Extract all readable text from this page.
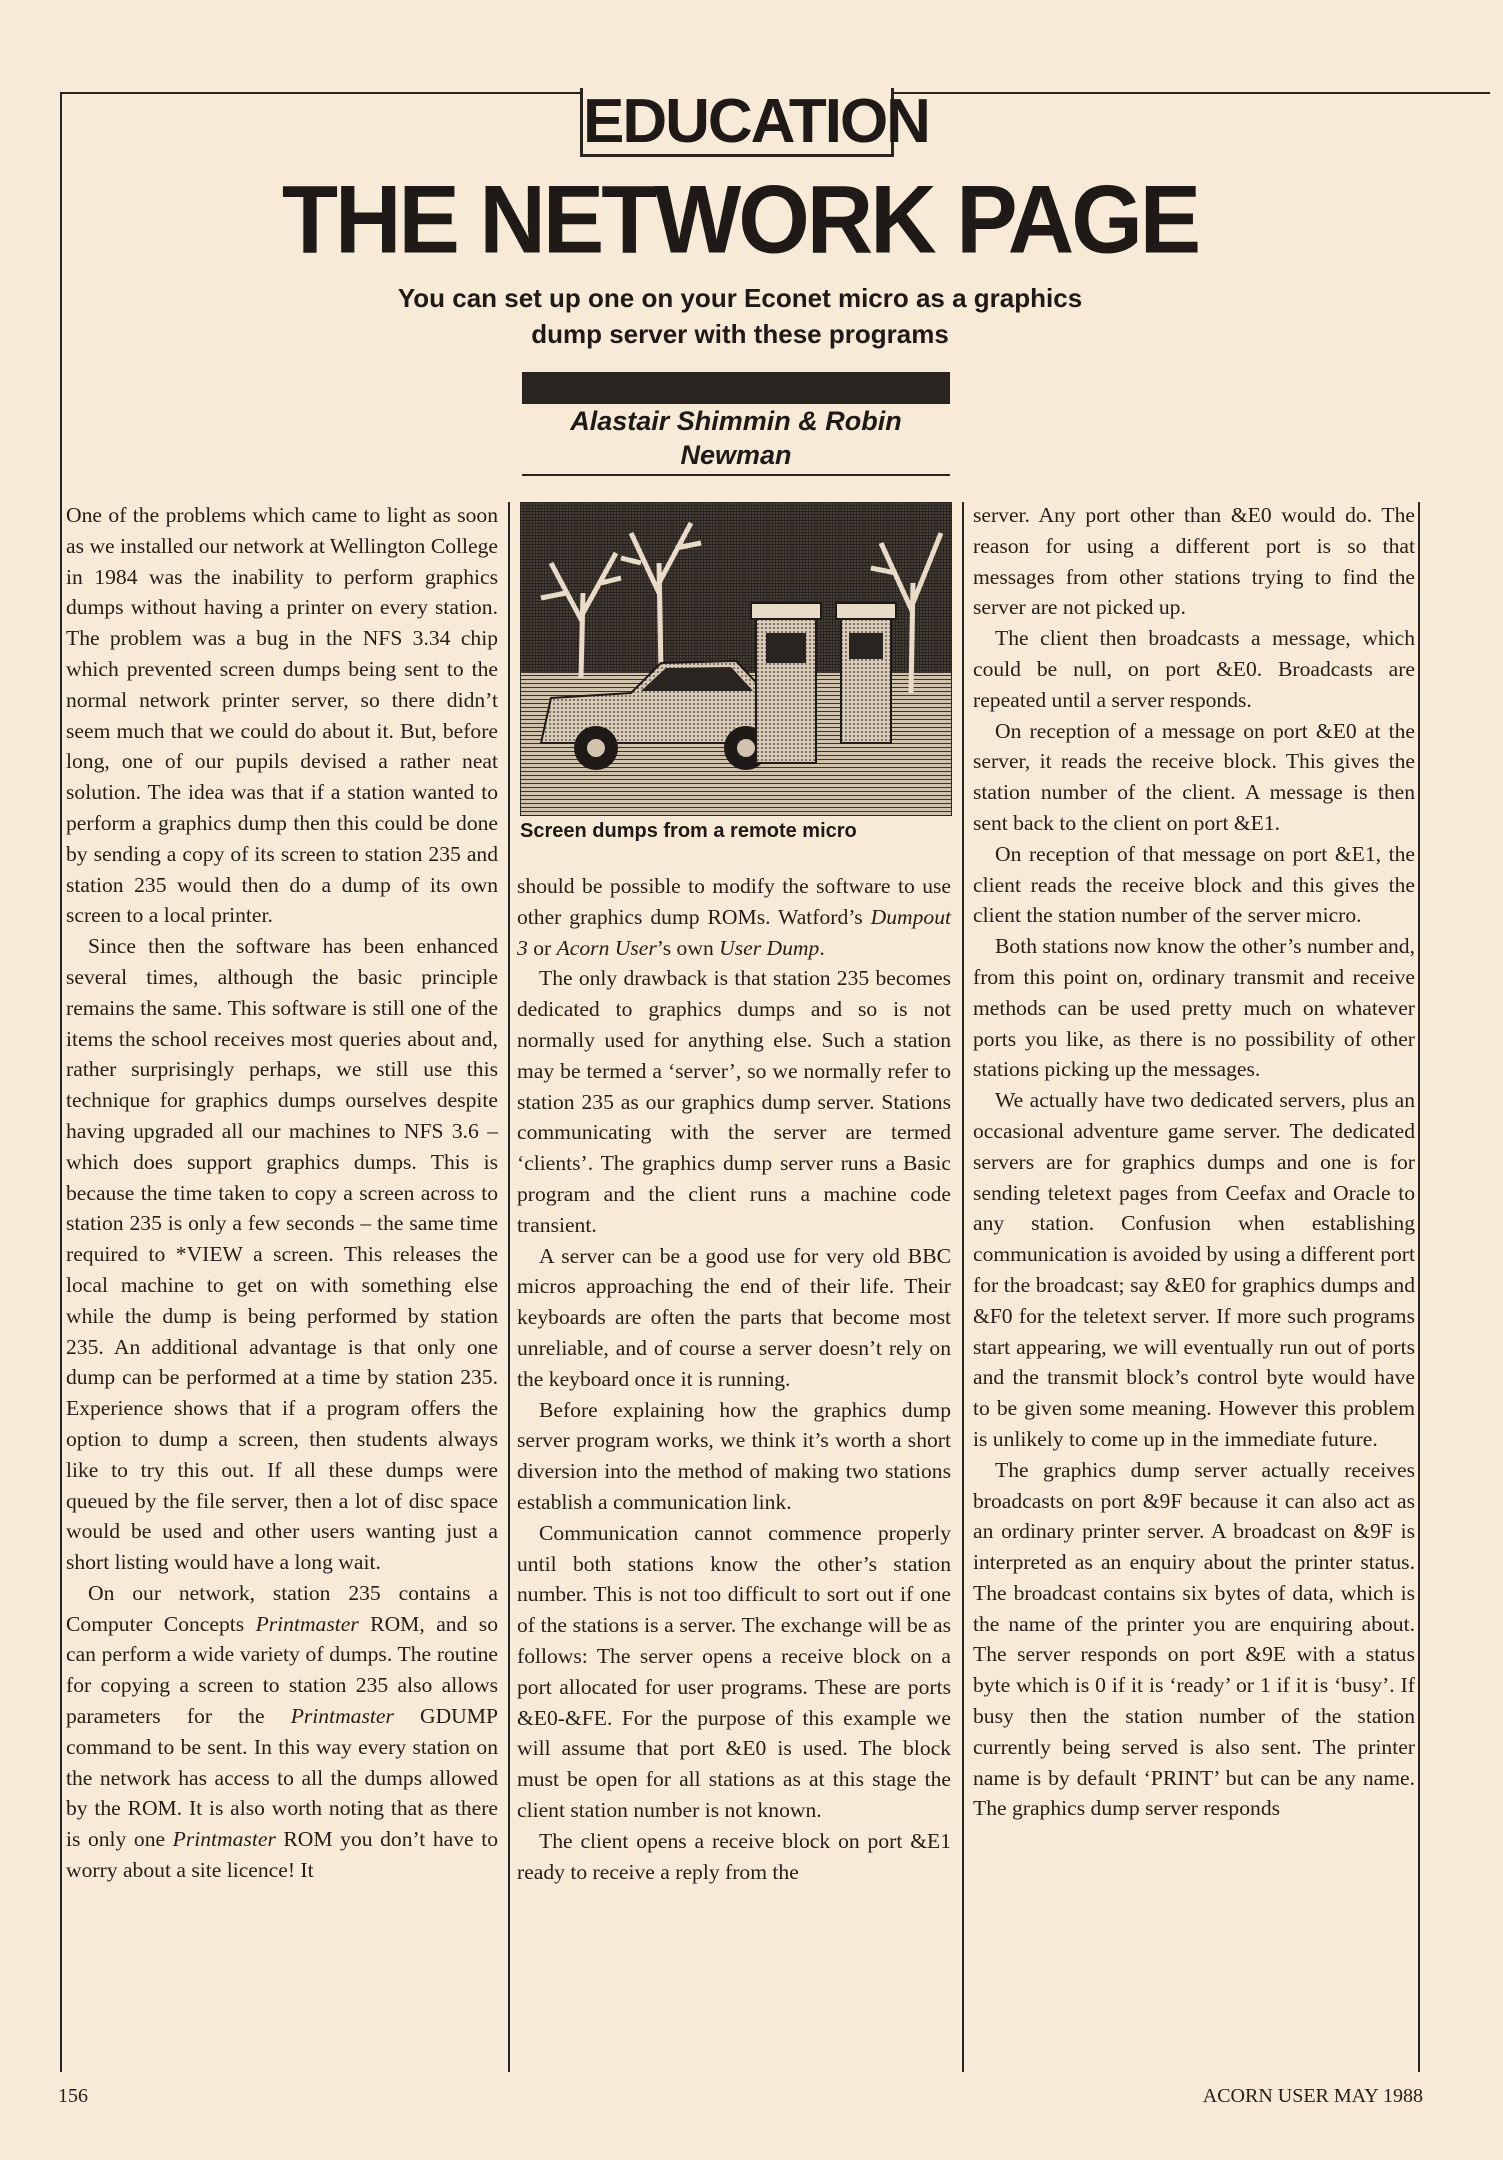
EDUCATION
THE NETWORK PAGE
You can set up one on your Econet micro as a graphics dump server with these programs
Alastair Shimmin & Robin Newman

One of the problems which came to light as soon as we installed our network at Wellington College in 1984 was the inability to perform graphics dumps without having a printer on every station. The problem was a bug in the NFS 3.34 chip which prevented screen dumps being sent to the normal network printer server, so there didn’t seem much that we could do about it. But, before long, one of our pupils devised a rather neat solution. The idea was that if a station wanted to perform a graphics dump then this could be done by sending a copy of its screen to station 235 and station 235 would then do a dump of its own screen to a local printer.

Since then the software has been enhanced several times, although the basic principle remains the same. This software is still one of the items the school receives most queries about and, rather surprisingly perhaps, we still use this technique for graphics dumps ourselves despite having upgraded all our machines to NFS 3.6 – which does support graphics dumps. This is because the time taken to copy a screen across to station 235 is only a few seconds – the same time required to *VIEW a screen. This releases the local machine to get on with something else while the dump is being performed by station 235. An additional advantage is that only one dump can be performed at a time by station 235. Experience shows that if a program offers the option to dump a screen, then students always like to try this out. If all these dumps were queued by the file server, then a lot of disc space would be used and other users wanting just a short listing would have a long wait.

On our network, station 235 contains a Computer Concepts Printmaster ROM, and so can perform a wide variety of dumps. The routine for copying a screen to station 235 also allows parameters for the Printmaster GDUMP command to be sent. In this way every station on the network has access to all the dumps allowed by the ROM. It is also worth noting that as there is only one Printmaster ROM you don’t have to worry about a site licence! It

Screen dumps from a remote micro

should be possible to modify the software to use other graphics dump ROMs. Watford’s Dumpout 3 or Acorn User’s own User Dump.

The only drawback is that station 235 becomes dedicated to graphics dumps and so is not normally used for anything else. Such a station may be termed a ‘server’, so we normally refer to station 235 as our graphics dump server. Stations communicating with the server are termed ‘clients’. The graphics dump server runs a Basic program and the client runs a machine code transient.

A server can be a good use for very old BBC micros approaching the end of their life. Their keyboards are often the parts that become most unreliable, and of course a server doesn’t rely on the keyboard once it is running.

Before explaining how the graphics dump server program works, we think it’s worth a short diversion into the method of making two stations establish a communication link.

Communication cannot commence properly until both stations know the other’s station number. This is not too difficult to sort out if one of the stations is a server. The exchange will be as follows: The server opens a receive block on a port allocated for user programs. These are ports &E0-&FE. For the purpose of this example we will assume that port &E0 is used. The block must be open for all stations as at this stage the client station number is not known.

The client opens a receive block on port &E1 ready to receive a reply from the

server. Any port other than &E0 would do. The reason for using a different port is so that messages from other stations trying to find the server are not picked up.

The client then broadcasts a message, which could be null, on port &E0. Broadcasts are repeated until a server responds.

On reception of a message on port &E0 at the server, it reads the receive block. This gives the station number of the client. A message is then sent back to the client on port &E1.

On reception of that message on port &E1, the client reads the receive block and this gives the client the station number of the server micro.

Both stations now know the other’s number and, from this point on, ordinary transmit and receive methods can be used pretty much on whatever ports you like, as there is no possibility of other stations picking up the messages.

We actually have two dedicated servers, plus an occasional adventure game server. The dedicated servers are for graphics dumps and one is for sending teletext pages from Ceefax and Oracle to any station. Confusion when establishing communication is avoided by using a different port for the broadcast; say &E0 for graphics dumps and &F0 for the teletext server. If more such programs start appearing, we will eventually run out of ports and the transmit block’s control byte would have to be given some meaning. However this problem is unlikely to come up in the immediate future.

The graphics dump server actually receives broadcasts on port &9F because it can also act as an ordinary printer server. A broadcast on &9F is interpreted as an enquiry about the printer status. The broadcast contains six bytes of data, which is the name of the printer you are enquiring about. The server responds on port &9E with a status byte which is 0 if it is ‘ready’ or 1 if it is ‘busy’. If busy then the station number of the station currently being served is also sent. The printer name is by default ‘PRINT’ but can be any name. The graphics dump server responds

156	ACORN USER MAY 1988
